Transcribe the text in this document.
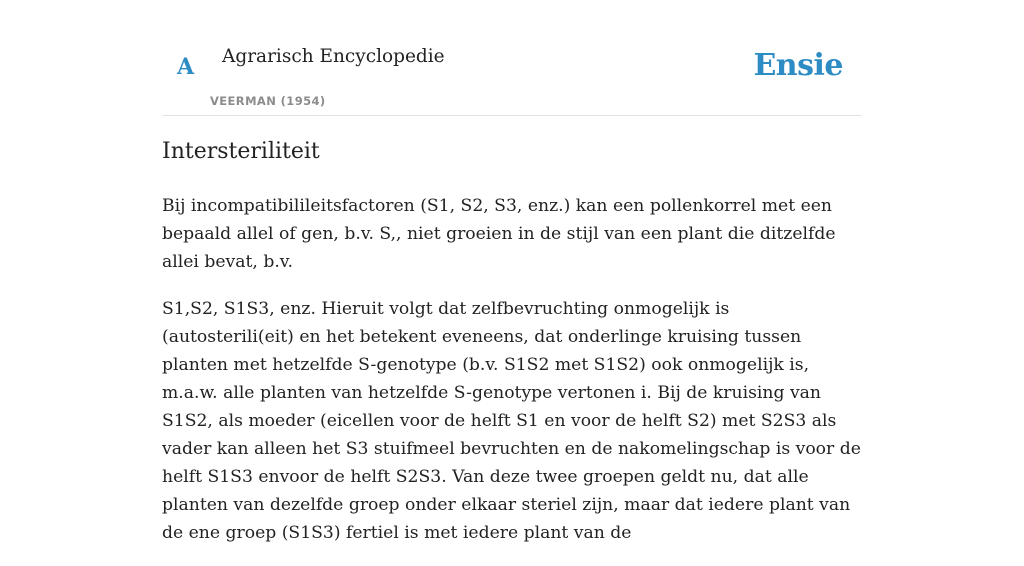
A Agrarisch Encyclopedie
VEERMAN (1954)
Ensie
Intersteriliteit

Bij incompatibilileitsfactoren (S1, S2, S3, enz.) kan een pollenkorrel met een bepaald allel of gen, b.v. S,, niet groeien in de stijl van een plant die ditzelfde allei bevat, b.v.

S1,S2, S1S3, enz. Hieruit volgt dat zelfbevruchting onmogelijk is (autosterili(eit) en het betekent eveneens, dat onderlinge kruising tussen planten met hetzelfde S-genotype (b.v. S1S2 met S1S2) ook onmogelijk is, m.a.w. alle planten van hetzelfde S-genotype vertonen i. Bij de kruising van S1S2, als moeder (eicellen voor de helft S1 en voor de helft S2) met S2S3 als vader kan alleen het S3 stuifmeel bevruchten en de nakomelingschap is voor de helft S1S3 envoor de helft S2S3. Van deze twee groepen geldt nu, dat alle planten van dezelfde groep onder elkaar steriel zijn, maar dat iedere plant van de ene groep (S1S3) fertiel is met iedere plant van de
